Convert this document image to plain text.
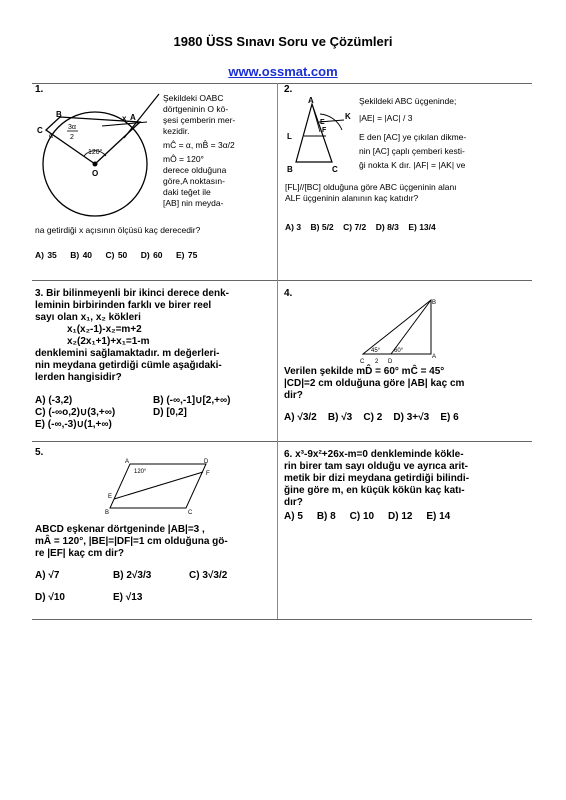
1980 ÜSS Sınavı Soru ve Çözümleri
www.ossmat.com
1.
B
C
A
O
x
120°
3α
2
α
Şekildeki OABC
dörtgeninin O kö-
şesi çemberin mer-
kezidir.
mĈ = α, mB̂ = 3α/2
mÔ = 120°
derece olduğuna
göre,A noktasın-
daki teğet ile
[AB] nin meyda-
na getirdiği x açısının ölçüsü kaç derecedir?
A) 35 B) 40 C) 50 D) 60 E) 75
2.
A
K
L
F
E
B	C
Şekildeki ABC üçgeninde;
|AE| = |AC| / 3
E den [AC] ye çıkılan dikme-
nin [AC] çaplı çemberi kesti-
ği nokta K dır. |AF| = |AK| ve
[FL]//[BC] olduğuna göre ABC üçgeninin alanı
ALF üçgeninin alanının kaç katıdır?
A) 3 B) 5/2 C) 7/2 D) 8/3 E) 13/4
3. Bir bilinmeyenli bir ikinci derece denk-
leminin birbirinden farklı ve birer reel
sayı olan x₁, x₂ kökleri
x₁(x₂-1)-x₂=m+2
x₂(2x₁+1)+x₁=1-m
denklemini sağlamaktadır. m değerleri-
nin meydana getirdiği cümle aşağıdaki-
lerden hangisidir?
A) (-3,2)	B) (-∞,-1]∪[2,+∞)
C) (-∞o,2)∪(3,+∞)	D) [0,2]
E) (-∞,-3)∪(1,+∞)
4.
B
C	D
A
45° 60°
2
Verilen şekilde mD̂ = 60° mĈ = 45°
|CD|=2 cm olduğuna göre |AB| kaç cm
dir?
A) √3/2 B) √3 C) 2 D) 3+√3 E) 6
5.
A	D
F
E
B	C
120°
ABCD eşkenar dörtgeninde |AB|=3 ,
mÂ = 120°, |BE|=|DF|=1 cm olduğuna gö-
re |EF| kaç cm dir?
A) √7	B) 2√3/3	C) 3√3/2
D) √10	E) √13
6. x³-9x²+26x-m=0 denkleminde kökle-
rin birer tam sayı olduğu ve ayrıca arit-
metik bir dizi meydana getirdiği bilindi-
ğine göre m, en küçük kökün kaç katı-
dır?
A) 5 B) 8 C) 10 D) 12 E) 14
